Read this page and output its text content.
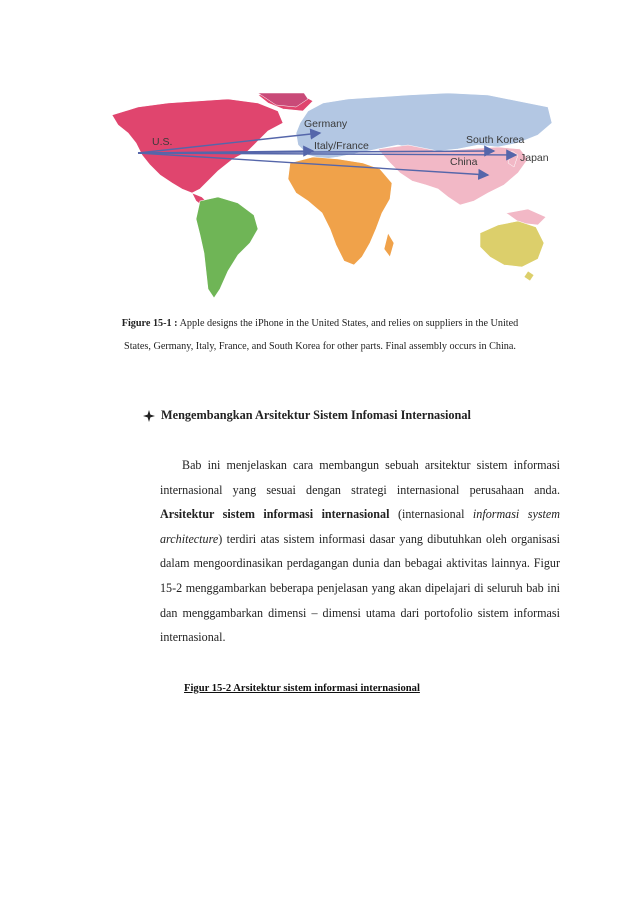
U.S.
Germany
Italy/France	South Korea
China	Japan
Figure 15-1 : Apple designs the iPhone in the United States, and relies on suppliers in the United
States, Germany, Italy, France, and South Korea for other parts. Final assembly occurs in China.
Mengembangkan Arsitektur Sistem Infomasi Internasional
Bab ini menjelaskan cara membangun sebuah arsitektur sistem informasi internasional yang sesuai dengan strategi internasional perusahaan anda. Arsitektur sistem informasi internasional (internasional informasi system architecture) terdiri atas sistem informasi dasar yang dibutuhkan oleh organisasi dalam mengoordinasikan perdagangan dunia dan bebagai aktivitas lainnya. Figur 15-2 menggambarkan beberapa penjelasan yang akan dipelajari di seluruh bab ini dan menggambarkan dimensi – dimensi utama dari portofolio sistem informasi internasional.
Figur 15-2 Arsitektur sistem informasi internasional
